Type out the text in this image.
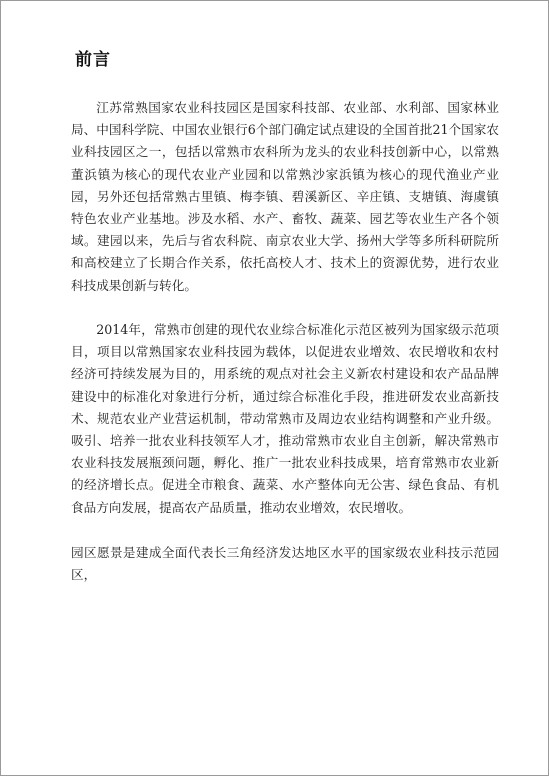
前言

江苏常熟国家农业科技园区是国家科技部、农业部、水利部、国家林业局、中国科学院、中国农业银行6个部门确定试点建设的全国首批21个国家农业科技园区之一，包括以常熟市农科所为龙头的农业科技创新中心，以常熟董浜镇为核心的现代农业产业园和以常熟沙家浜镇为核心的现代渔业产业园，另外还包括常熟古里镇、梅李镇、碧溪新区、辛庄镇、支塘镇、海虞镇特色农业产业基地。涉及水稻、水产、畜牧、蔬菜、园艺等农业生产各个领域。建园以来，先后与省农科院、南京农业大学、扬州大学等多所科研院所和高校建立了长期合作关系，依托高校人才、技术上的资源优势，进行农业科技成果创新与转化。

2014年，常熟市创建的现代农业综合标准化示范区被列为国家级示范项目，项目以常熟国家农业科技园为载体，以促进农业增效、农民增收和农村经济可持续发展为目的，用系统的观点对社会主义新农村建设和农产品品牌建设中的标准化对象进行分析，通过综合标准化手段，推进研发农业高新技术、规范农业产业营运机制，带动常熟市及周边农业结构调整和产业升级。吸引、培养一批农业科技领军人才，推动常熟市农业自主创新，解决常熟市农业科技发展瓶颈问题，孵化、推广一批农业科技成果，培育常熟市农业新的经济增长点。促进全市粮食、蔬菜、水产整体向无公害、绿色食品、有机食品方向发展，提高农产品质量，推动农业增效，农民增收。

园区愿景是建成全面代表长三角经济发达地区水平的国家级农业科技示范园区，
